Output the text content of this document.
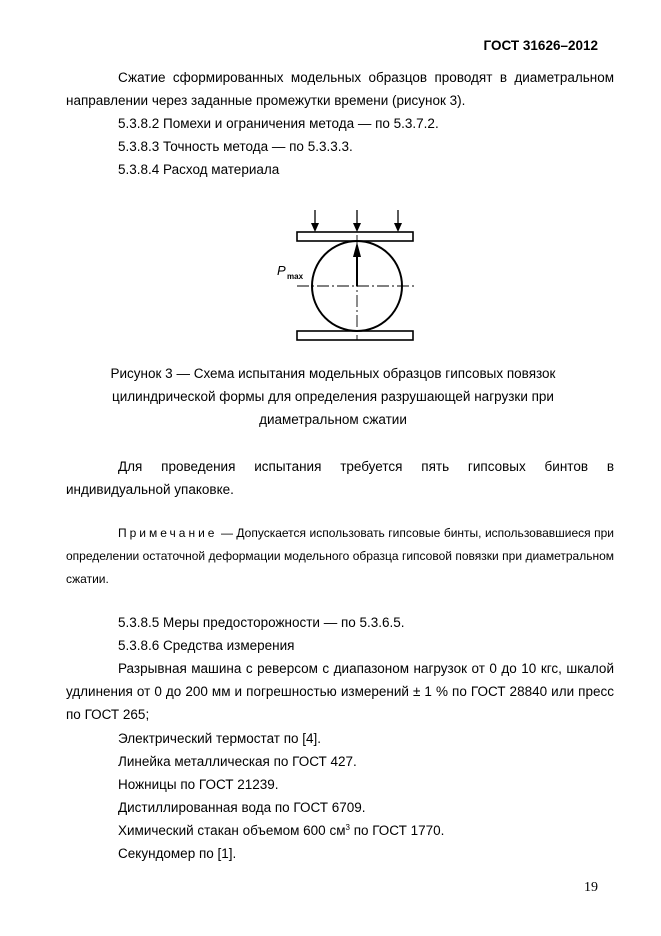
ГОСТ 31626–2012

Сжатие сформированных модельных образцов проводят в диаметральном направлении через заданные промежутки времени (рисунок 3).

5.3.8.2 Помехи и ограничения метода — по 5.3.7.2.

5.3.8.3 Точность метода — по 5.3.3.3.

5.3.8.4 Расход материала

P max
Рисунок 3 — Схема испытания модельных образцов гипсовых повязок цилиндрической формы для определения разрушающей нагрузки при диаметральном сжатии

Для проведения испытания требуется пять гипсовых бинтов в индивидуальной упаковке.

Примечание — Допускается использовать гипсовые бинты, использовавшиеся при определении остаточной деформации модельного образца гипсовой повязки при диаметральном сжатии.

5.3.8.5 Меры предосторожности — по 5.3.6.5.

5.3.8.6 Средства измерения

Разрывная машина с реверсом с диапазоном нагрузок от 0 до 10 кгс, шкалой удлинения от 0 до 200 мм и погрешностью измерений ± 1 % по ГОСТ 28840 или пресс по ГОСТ 265;

Электрический термостат по [4].

Линейка металлическая по ГОСТ 427.

Ножницы по ГОСТ 21239.

Дистиллированная вода по ГОСТ 6709.

Химический стакан объемом 600 $см^3$ по ГОСТ 1770.

Секундомер по [1].

19
